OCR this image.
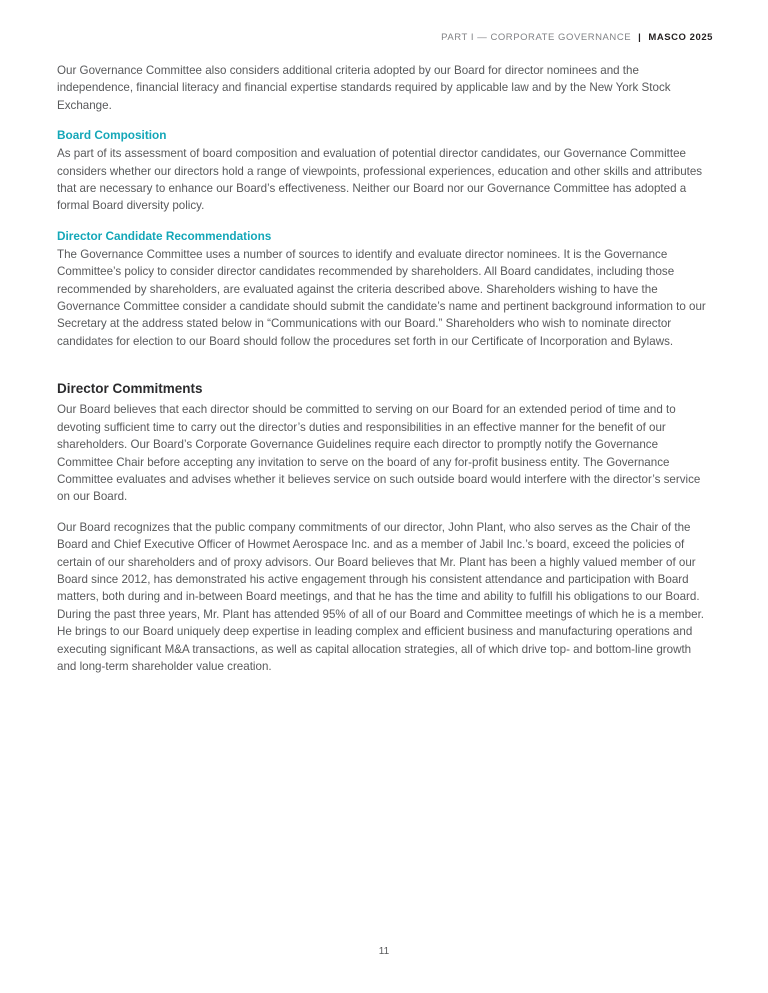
PART I — CORPORATE GOVERNANCE | MASCO 2025

Our Governance Committee also considers additional criteria adopted by our Board for director nominees and the independence, financial literacy and financial expertise standards required by applicable law and by the New York Stock Exchange.

Board Composition

As part of its assessment of board composition and evaluation of potential director candidates, our Governance Committee considers whether our directors hold a range of viewpoints, professional experiences, education and other skills and attributes that are necessary to enhance our Board’s effectiveness. Neither our Board nor our Governance Committee has adopted a formal Board diversity policy.

Director Candidate Recommendations

The Governance Committee uses a number of sources to identify and evaluate director nominees. It is the Governance Committee’s policy to consider director candidates recommended by shareholders. All Board candidates, including those recommended by shareholders, are evaluated against the criteria described above. Shareholders wishing to have the Governance Committee consider a candidate should submit the candidate’s name and pertinent background information to our Secretary at the address stated below in “Communications with our Board.” Shareholders who wish to nominate director candidates for election to our Board should follow the procedures set forth in our Certificate of Incorporation and Bylaws.

Director Commitments

Our Board believes that each director should be committed to serving on our Board for an extended period of time and to devoting sufficient time to carry out the director’s duties and responsibilities in an effective manner for the benefit of our shareholders. Our Board’s Corporate Governance Guidelines require each director to promptly notify the Governance Committee Chair before accepting any invitation to serve on the board of any for-profit business entity. The Governance Committee evaluates and advises whether it believes service on such outside board would interfere with the director’s service on our Board.

Our Board recognizes that the public company commitments of our director, John Plant, who also serves as the Chair of the Board and Chief Executive Officer of Howmet Aerospace Inc. and as a member of Jabil Inc.’s board, exceed the policies of certain of our shareholders and of proxy advisors. Our Board believes that Mr. Plant has been a highly valued member of our Board since 2012, has demonstrated his active engagement through his consistent attendance and participation with Board matters, both during and in-between Board meetings, and that he has the time and ability to fulfill his obligations to our Board. During the past three years, Mr. Plant has attended 95% of all of our Board and Committee meetings of which he is a member. He brings to our Board uniquely deep expertise in leading complex and efficient business and manufacturing operations and executing significant M&A transactions, as well as capital allocation strategies, all of which drive top- and bottom-line growth and long-term shareholder value creation.

11
